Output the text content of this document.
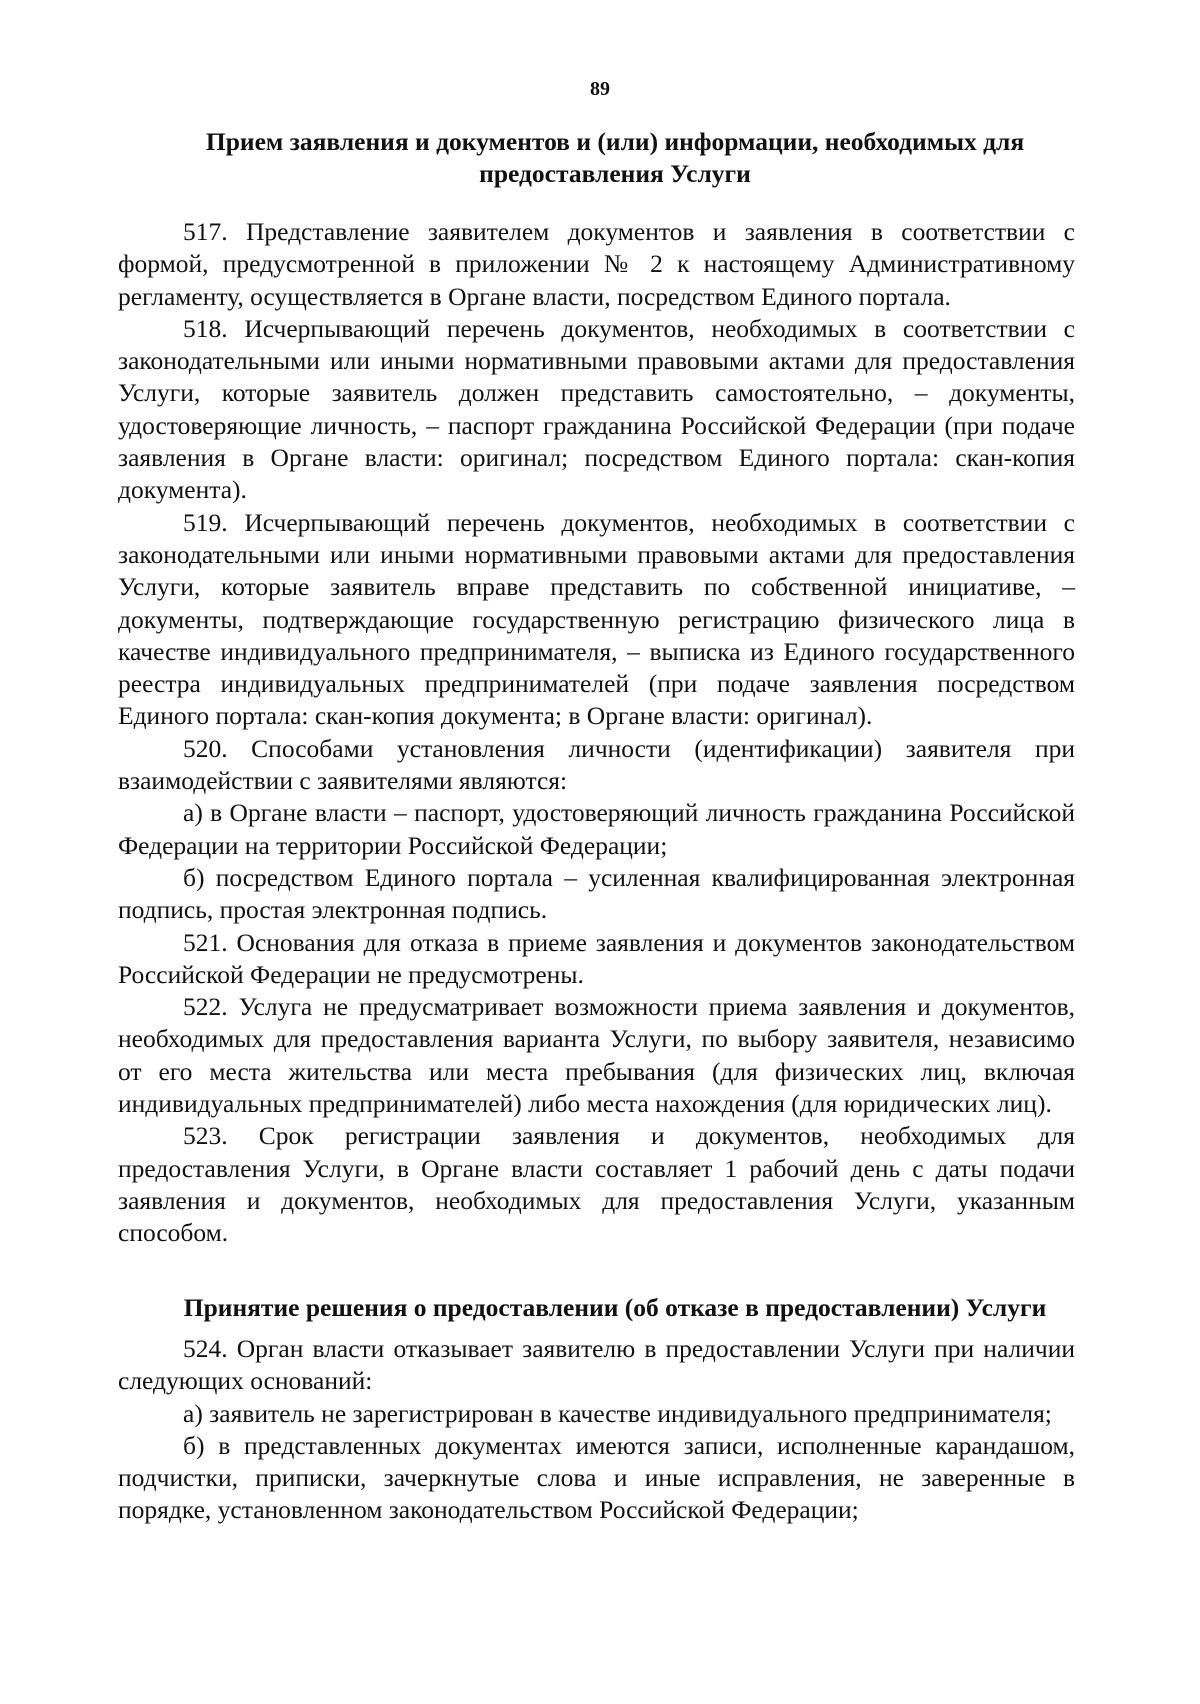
89
Прием заявления и документов и (или) информации, необходимых для предоставления Услуги

517. Представление заявителем документов и заявления в соответствии с формой, предусмотренной в приложении № 2 к настоящему Административному регламенту, осуществляется в Органе власти, посредством Единого портала.

518. Исчерпывающий перечень документов, необходимых в соответствии с законодательными или иными нормативными правовыми актами для предоставления Услуги, которые заявитель должен представить самостоятельно, – документы, удостоверяющие личность, – паспорт гражданина Российской Федерации (при подаче заявления в Органе власти: оригинал; посредством Единого портала: скан-копия документа).

519. Исчерпывающий перечень документов, необходимых в соответствии с законодательными или иными нормативными правовыми актами для предоставления Услуги, которые заявитель вправе представить по собственной инициативе, – документы, подтверждающие государственную регистрацию физического лица в качестве индивидуального предпринимателя, – выписка из Единого государственного реестра индивидуальных предпринимателей (при подаче заявления посредством Единого портала: скан-копия документа; в Органе власти: оригинал).

520. Способами установления личности (идентификации) заявителя при взаимодействии с заявителями являются:

а) в Органе власти – паспорт, удостоверяющий личность гражданина Российской Федерации на территории Российской Федерации;

б) посредством Единого портала – усиленная квалифицированная электронная подпись, простая электронная подпись.

521. Основания для отказа в приеме заявления и документов законодательством Российской Федерации не предусмотрены.

522. Услуга не предусматривает возможности приема заявления и документов, необходимых для предоставления варианта Услуги, по выбору заявителя, независимо от его места жительства или места пребывания (для физических лиц, включая индивидуальных предпринимателей) либо места нахождения (для юридических лиц).

523. Срок регистрации заявления и документов, необходимых для предоставления Услуги, в Органе власти составляет 1 рабочий день с даты подачи заявления и документов, необходимых для предоставления Услуги, указанным способом.

Принятие решения о предоставлении (об отказе в предоставлении) Услуги

524. Орган власти отказывает заявителю в предоставлении Услуги при наличии следующих оснований:

а) заявитель не зарегистрирован в качестве индивидуального предпринимателя;

б) в представленных документах имеются записи, исполненные карандашом, подчистки, приписки, зачеркнутые слова и иные исправления, не заверенные в порядке, установленном законодательством Российской Федерации;
